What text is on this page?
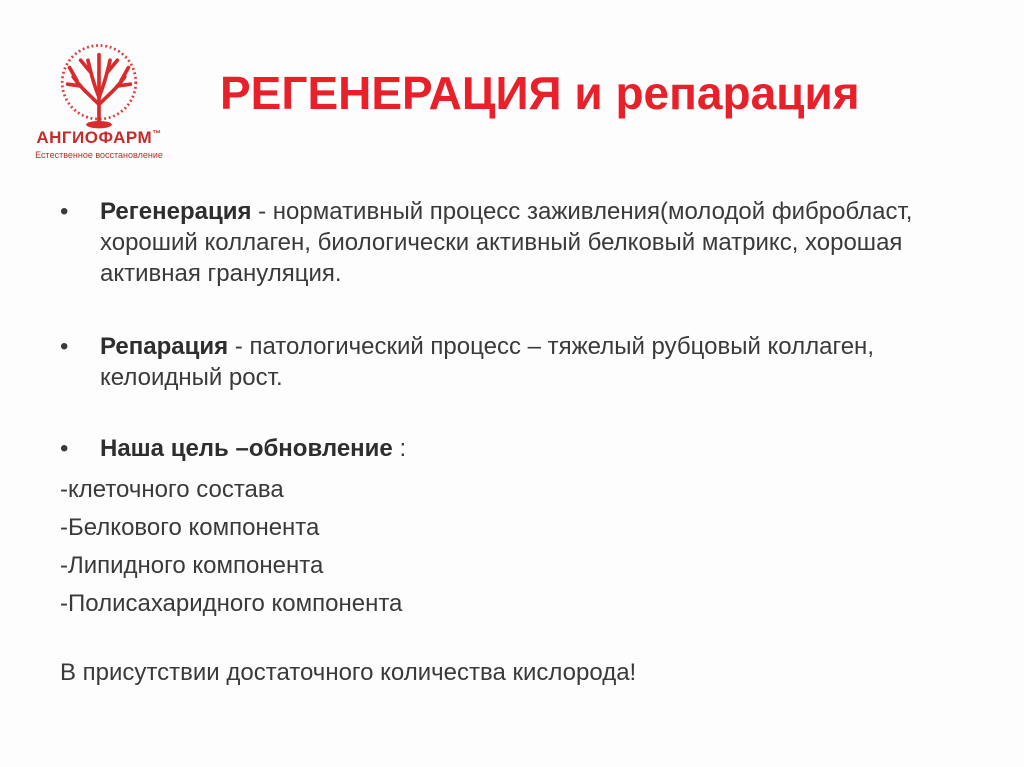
АНГИОФАРМ™
Естественное восстановление
РЕГЕНЕРАЦИЯ и репарация
• Регенерация - нормативный процесс заживления(молодой фибробласт, хороший коллаген, биологически активный белковый матрикс, хорошая активная грануляция.
• Репарация - патологический процесс – тяжелый рубцовый коллаген, келоидный рост.
• Наша цель –обновление :
-клеточного состава
-Белкового компонента
-Липидного компонента
-Полисахаридного компонента
В присутствии достаточного количества кислорода!
